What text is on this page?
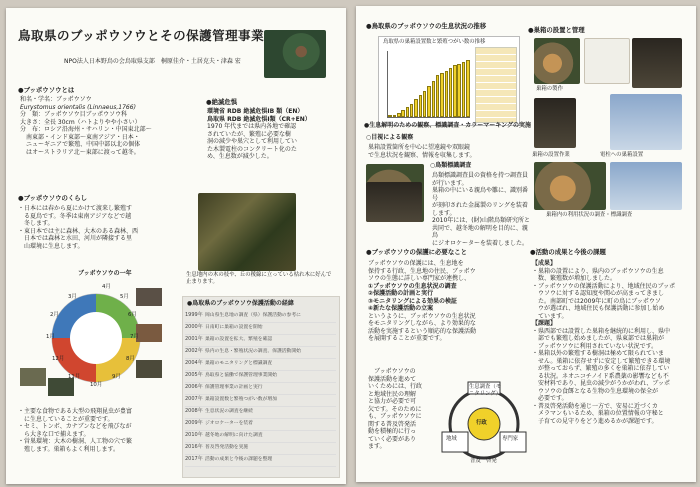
鳥取県のブッポウソウとその保護管理事業
NPO法人日本野鳥の会鳥取県支部　桐原佳介・土居克夫・津森 宏
●ブッポウソウとは
和名・学名：ブッポウソウ
Eurystomus orientalis (Linnaeus,1766)
分　類：ブッポウソウ目ブッポウソウ科
大きさ：全長 30cm（ハトよりやや小さい）
分　布：ロシア沿海州・サハリン・中国東北部～
　南東部・インド東部～東南アジア・日本・
　ニューギニアで繁殖、中国中部以北の個体
　はオーストラリア北～東部に渡って越冬。
●絶滅危惧
環境省 RDB 絶滅危惧ⅠB 類（EN）
鳥取県 RDB 絶滅危惧Ⅰ類（CR+EN）
1970 年代までは県内各地で確認
されていたが、繁殖に必要な樹
洞の減少や巣穴として利用してい
た木製電柱のコンクリート化のた
め、生息数が減少した。
●ブッポウソウのくらし
・日本には春から夏にかけて渡来し繁殖す
　る夏鳥です。冬季は東南アジアなどで越
　冬します。
・東日本では主に森林、大木のある森林、西
　日本では森林と水田、河川が隣接する里
　山環境に生息します。
生息地内の木の枝や、丘の稜線に立っている枯れ木に好んで止まります。
ブッポウソウの一年
4月
5月
6月
7月
8月
9月
10月
11月
12月
1月
2月
3月
・主要な食物である大型の飛翔昆虫が豊富
　に生息していることが重要です。
・セミ、トンボ、カナブンなどを飛びなが
　ら大きな口で捕えます。
・営巣環境：大木の樹洞、人工物の穴で繁
　殖します。巣箱もよく利用します。
●鳥取県のブッポウソウ保護活動の経緯
1999年 岡山県生息地の調査（県）保護活動の参考に
2000年 日南町に巣箱の設置を開始
2001年 巣箱の設置を拡大、繁殖を確認
2002年 県内の生息・繁殖状況の調査、保護活動開始
2004年 巣箱のモニタリングと標識調査
2005年 鳥取県と協働で保護管理事業開始
2006年 保護管理事業の計画と実行
2007年 巣箱設置数と繁殖つがい数が増加
2008年 生息状況の調査を継続
2009年 ジオロケーターを装着
2010年 越冬地の解明に向けた調査
2016年 普及啓発活動を実施
2017年 活動の成果と今後の課題を整理
●鳥取県のブッポウソウの生息状況の推移
鳥取県の巣箱設置数と繁殖つがい数の推移
●巣箱の設置と管理
巣箱の製作
巣箱の設置作業	電柱への巣箱設置
巣箱内の利用状況の調査・標識調査
●生息解明のための観察、標識調査・カラーマーキングの実施
○目視による観察
巣箱設置箇所を中心に望遠鏡や双眼鏡
で生息状況を観察、情報を収集します。
○鳥類標識調査
鳥類標識調査員の資格を持つ調査員
が行います。
巣箱の中にいる親鳥や雛に、識別番号
が刻印された金属製のリングを装着
します。
2010年には、(財)山階鳥類研究所と
共同で、越冬地の解明を目的に、親鳥
にジオロケーターを装着しました。
●ブッポウソウの保護に必要なこと
ブッポウソウの保護には、生息地を
保持する行政、生息地の住民、ブッポウ
ソウの生態に詳しい専門家が連携し、
①ブッポウソウの生息状況の調査
②保護活動の計画と実行
③モニタリングによる効果の検証
④新たな保護活動の立案
というように、ブッポウソウの生息状況
をモニタリングしながら、より効果的な
活動を実施するという順応的な保護活動
を展開することが重要です。
　ブッポウソウの
保護活動を進めて
いくためには、行政
と地域住民の理解
と協力が必要で可
欠です。そのために
も、ブッポウソウに
関する普及啓発活
動を積極的に行っ
ていく必要があり
ます。
生息調査（モニタリング）
行政
地域	専門家
普及 啓発
●活動の成果と今後の課題
【成果】
・巣箱の設置により、県内のブッポウソウの生息
　数、繁殖数が増加しました。
・ブッポウソウの保護活動により、地域住民のブッポ
　ウソウに対する認知度や関心が高まってきまし
　た。南部町では2009年に町の鳥にブッポウソ
　ウが選ばれ、地域住民も保護活動に参加し始め
　ています。
【課題】
・県西部では設置した巣箱を継続的に利用し、県中
　部でも繁殖し始めましたが、県東部では巣箱が
　ブッポウソウに利用されていない状況です。
・巣箱以外の繁殖する樹洞は極めて限られていま
　せん。巣箱に依存せずに安定して繁殖できる環境
　が整っておらず、繁殖の多くを巣箱に依存してい
　る状況。ネオニコチノイド系農薬の影響なども不
　安材料であり、昆虫の減少がうかがわれ、ブッポ
　ウソウの食餌となる生物の生息環境の保全が
　必要です。
・普及啓発活動を通じ一方で、安易に近づくカ
　メラマンもいるため、巣箱の位置情報の守秘と
　子育ての見守りをどう進めるかが課題です。
